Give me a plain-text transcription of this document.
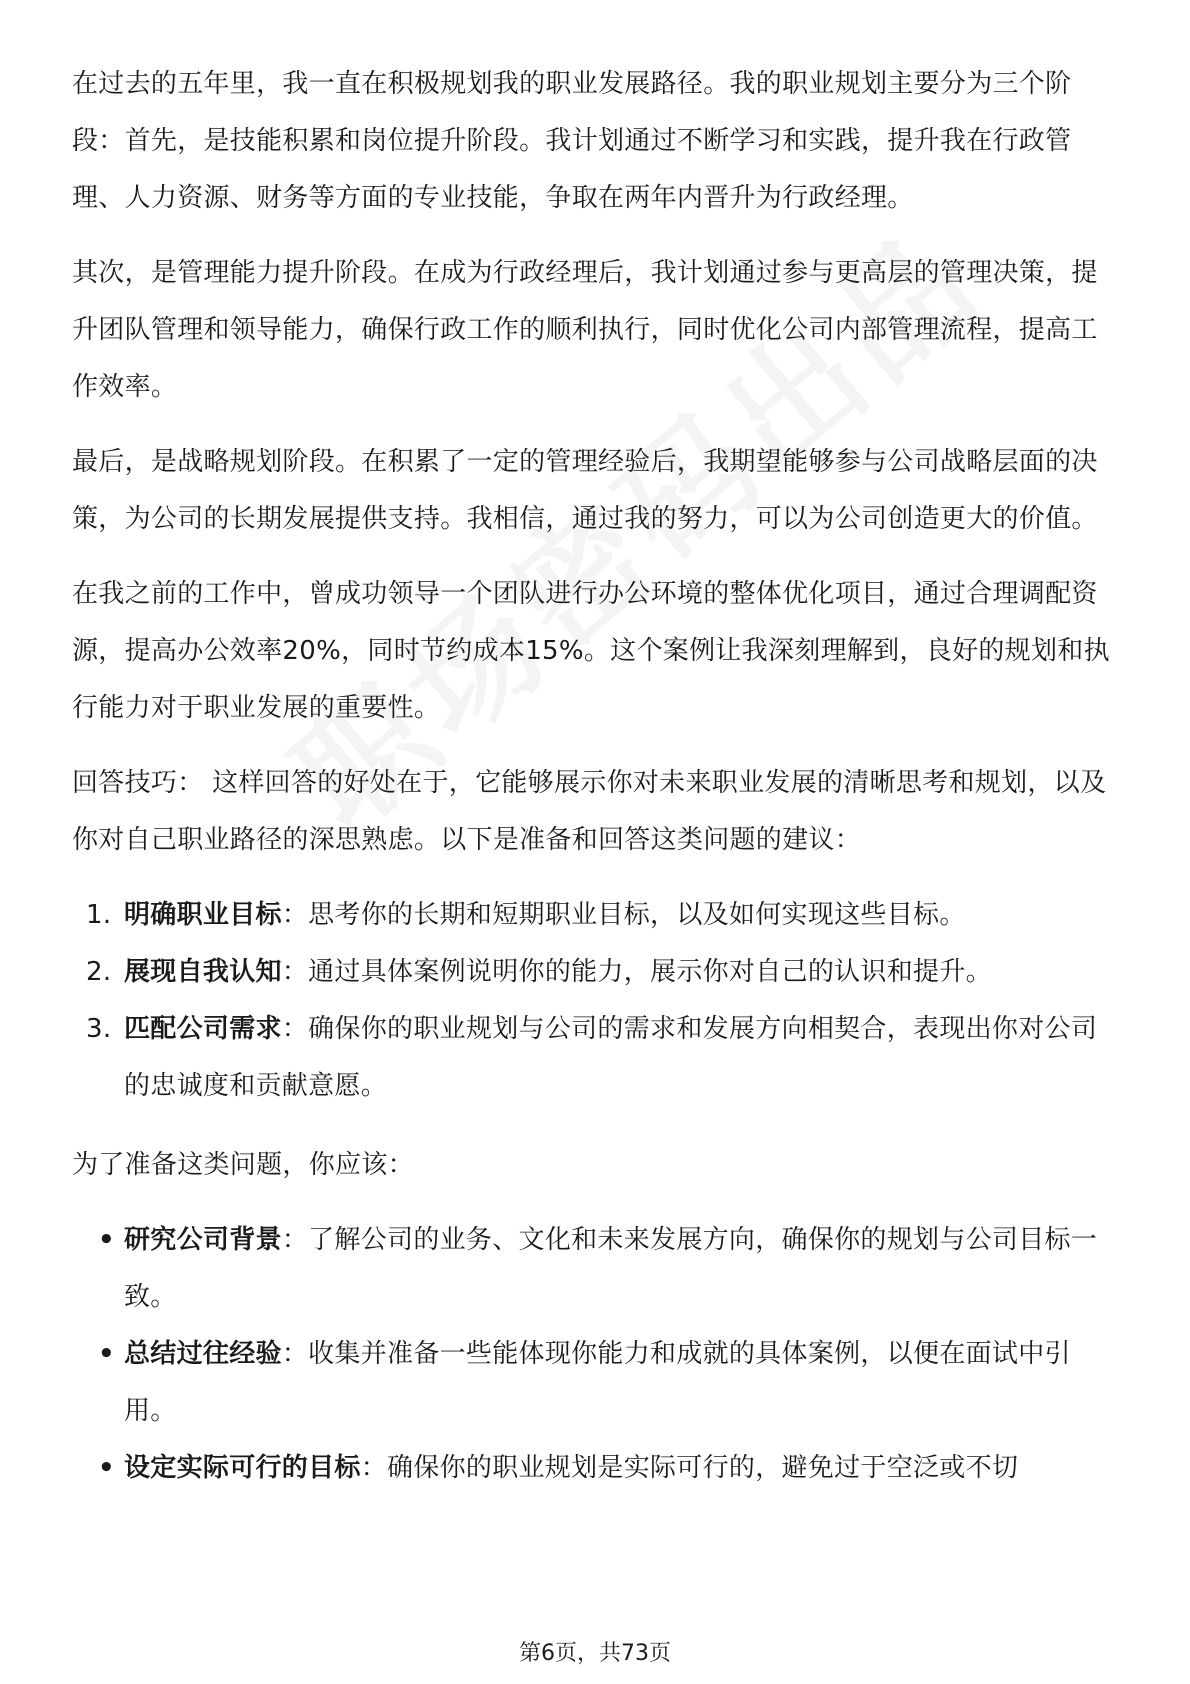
在过去的五年里，我一直在积极规划我的职业发展路径。我的职业规划主要分为三个阶段：首先，是技能积累和岗位提升阶段。我计划通过不断学习和实践，提升我在行政管理、人力资源、财务等方面的专业技能，争取在两年内晋升为行政经理。

其次，是管理能力提升阶段。在成为行政经理后，我计划通过参与更高层的管理决策，提升团队管理和领导能力，确保行政工作的顺利执行，同时优化公司内部管理流程，提高工作效率。

最后，是战略规划阶段。在积累了一定的管理经验后，我期望能够参与公司战略层面的决策，为公司的长期发展提供支持。我相信，通过我的努力，可以为公司创造更大的价值。

在我之前的工作中，曾成功领导一个团队进行办公环境的整体优化项目，通过合理调配资源，提高办公效率20%，同时节约成本15%。这个案例让我深刻理解到，良好的规划和执行能力对于职业发展的重要性。

回答技巧： 这样回答的好处在于，它能够展示你对未来职业发展的清晰思考和规划，以及你对自己职业路径的深思熟虑。以下是准备和回答这类问题的建议：

1. 明确职业目标：思考你的长期和短期职业目标，以及如何实现这些目标。
2. 展现自我认知：通过具体案例说明你的能力，展示你对自己的认识和提升。
3. 匹配公司需求：确保你的职业规划与公司的需求和发展方向相契合，表现出你对公司的忠诚度和贡献意愿。

为了准备这类问题，你应该：

• 研究公司背景：了解公司的业务、文化和未来发展方向，确保你的规划与公司目标一致。
• 总结过往经验：收集并准备一些能体现你能力和成就的具体案例，以便在面试中引用。
• 设定实际可行的目标：确保你的职业规划是实际可行的，避免过于空泛或不切
第6页，共73页
